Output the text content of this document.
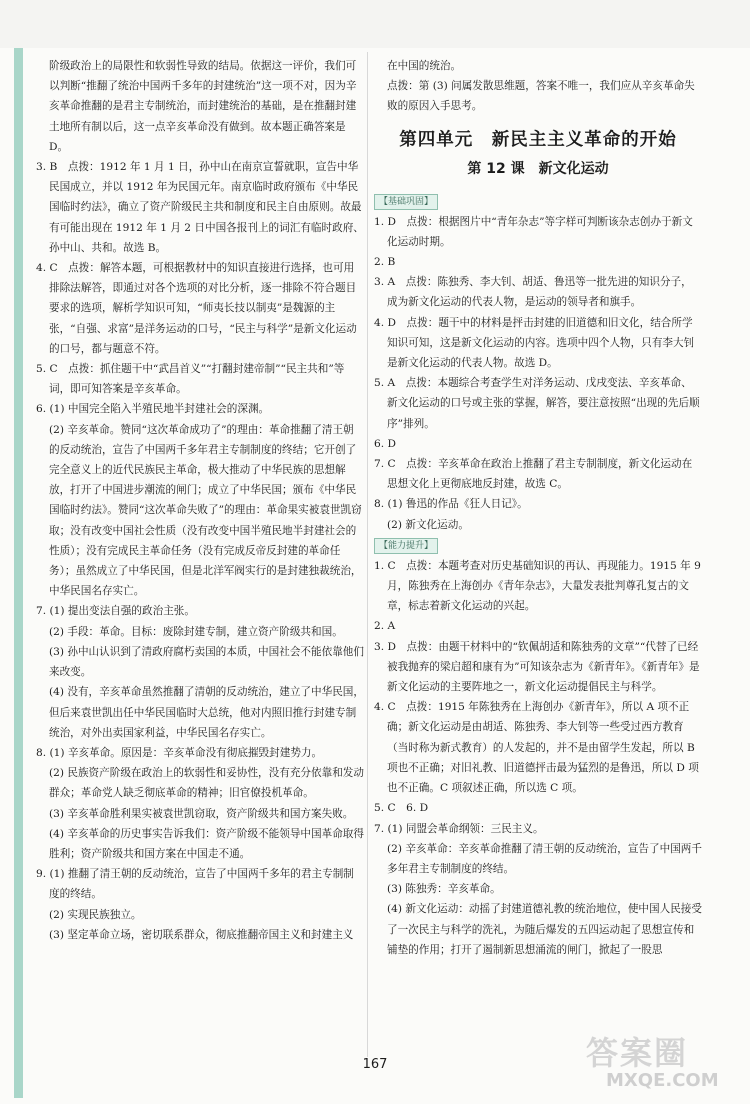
阶级政治上的局限性和软弱性导致的结局。依据这一评价，我们可以判断“推翻了统治中国两千多年的封建统治”这一项不对，因为辛亥革命推翻的是君主专制统治，而封建统治的基础，是在推翻封建土地所有制以后，这一点辛亥革命没有做到。故本题正确答案是 D。

3. B　点拨：1912 年 1 月 1 日，孙中山在南京宣誓就职，宣告中华民国成立，并以 1912 年为民国元年。南京临时政府颁布《中华民国临时约法》，确立了资产阶级民主共和制度和民主自由原则。故最有可能出现在 1912 年 1 月 2 日中国各报刊上的词汇有临时政府、孙中山、共和。故选 B。

4. C　点拨：解答本题，可根据教材中的知识直接进行选择，也可用排除法解答，即通过对各个选项的对比分析，逐一排除不符合题目要求的选项，解析学知识可知，“师夷长技以制夷”是魏源的主张，“自强、求富”是洋务运动的口号，“民主与科学”是新文化运动的口号，都与题意不符。

5. C　点拨：抓住题干中“武昌首义”“打翻封建帝制”“民主共和”等词，即可知答案是辛亥革命。

6. (1) 中国完全陷入半殖民地半封建社会的深渊。

(2) 辛亥革命。赞同“这次革命成功了”的理由：革命推翻了清王朝的反动统治，宣告了中国两千多年君主专制制度的终结；它开创了完全意义上的近代民族民主革命，极大推动了中华民族的思想解放，打开了中国进步潮流的闸门；成立了中华民国；颁布《中华民国临时约法》。赞同“这次革命失败了”的理由：革命果实被袁世凯窃取；没有改变中国社会性质（没有改变中国半殖民地半封建社会的性质）；没有完成民主革命任务（没有完成反帝反封建的革命任务）；虽然成立了中华民国，但是北洋军阀实行的是封建独裁统治，中华民国名存实亡。

7. (1) 提出变法自强的政治主张。

(2) 手段：革命。目标：废除封建专制，建立资产阶级共和国。

(3) 孙中山认识到了清政府腐朽卖国的本质，中国社会不能依靠他们来改变。

(4) 没有，辛亥革命虽然推翻了清朝的反动统治，建立了中华民国，但后来袁世凯出任中华民国临时大总统，他对内照旧推行封建专制统治，对外出卖国家利益，中华民国名存实亡。

8. (1) 辛亥革命。原因是：辛亥革命没有彻底摧毁封建势力。

(2) 民族资产阶级在政治上的软弱性和妥协性，没有充分依靠和发动群众；革命党人缺乏彻底革命的精神；旧官僚投机革命。

(3) 辛亥革命胜利果实被袁世凯窃取，资产阶级共和国方案失败。

(4) 辛亥革命的历史事实告诉我们：资产阶级不能领导中国革命取得胜利；资产阶级共和国方案在中国走不通。

9. (1) 推翻了清王朝的反动统治，宣告了中国两千多年的君主专制制度的终结。

(2) 实现民族独立。

(3) 坚定革命立场，密切联系群众，彻底推翻帝国主义和封建主义

在中国的统治。

点拨：第 (3) 问属发散思维题，答案不唯一，我们应从辛亥革命失败的原因入手思考。

第四单元　新民主主义革命的开始
第 12 课　新文化运动
【基础巩固】

1. D　点拨：根据图片中“青年杂志”等字样可判断该杂志创办于新文化运动时期。

2. B

3. A　点拨：陈独秀、李大钊、胡适、鲁迅等一批先进的知识分子，成为新文化运动的代表人物，是运动的领导者和旗手。

4. D　点拨：题干中的材料是抨击封建的旧道德和旧文化，结合所学知识可知，这是新文化运动的内容。选项中四个人物，只有李大钊是新文化运动的代表人物。故选 D。

5. A　点拨：本题综合考查学生对洋务运动、戊戌变法、辛亥革命、新文化运动的口号或主张的掌握，解答，要注意按照“出现的先后顺序”排列。

6. D

7. C　点拨：辛亥革命在政治上推翻了君主专制制度，新文化运动在思想文化上更彻底地反封建，故选 C。

8. (1) 鲁迅的作品《狂人日记》。

(2) 新文化运动。

【能力提升】

1. C　点拨：本题考查对历史基础知识的再认、再现能力。1915 年 9 月，陈独秀在上海创办《青年杂志》，大量发表批判尊孔复古的文章，标志着新文化运动的兴起。

2. A

3. D　点拨：由题干材料中的“钦佩胡适和陈独秀的文章”“代替了已经被我抛弃的梁启超和康有为”可知该杂志为《新青年》。《新青年》是新文化运动的主要阵地之一，新文化运动提倡民主与科学。

4. C　点拨：1915 年陈独秀在上海创办《新青年》，所以 A 项不正确；新文化运动是由胡适、陈独秀、李大钊等一些受过西方教育（当时称为新式教育）的人发起的，并不是由留学生发起，所以 B 项也不正确；对旧礼教、旧道德抨击最为猛烈的是鲁迅，所以 D 项也不正确。C 项叙述正确，所以选 C 项。

5. C　6. D

7. (1) 同盟会革命纲领：三民主义。

(2) 辛亥革命：辛亥革命推翻了清王朝的反动统治，宣告了中国两千多年君主专制制度的终结。

(3) 陈独秀：辛亥革命。

(4) 新文化运动：动摇了封建道德礼教的统治地位，使中国人民接受了一次民主与科学的洗礼，为随后爆发的五四运动起了思想宣传和铺垫的作用；打开了遏制新思想涌流的闸门，掀起了一股思

167	答案圈
MXQE.COM
